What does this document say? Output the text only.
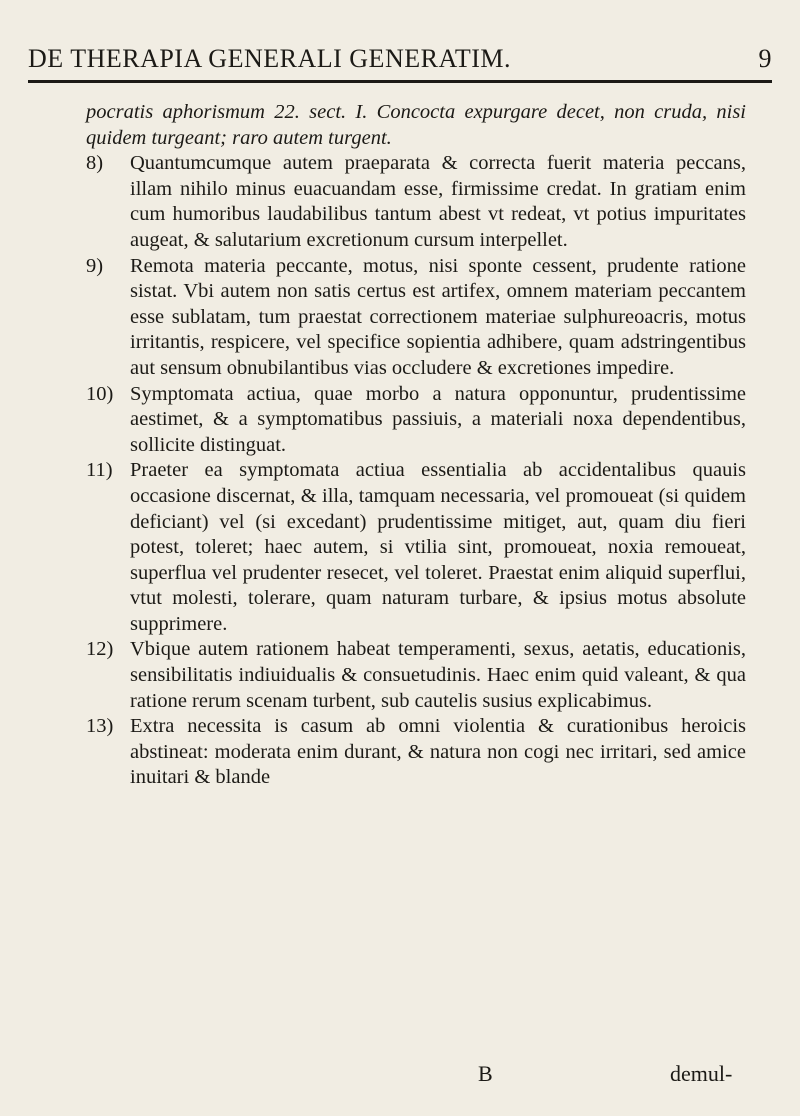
DE THERAPIA GENERALI GENERATIM.	9

pocratis aphorismum 22. sect. I. Concocta expurgare decet, non cruda, nisi quidem turgeant; raro autem turgent.

8) Quantumcumque autem praeparata & correcta fuerit materia peccans, illam nihilo minus euacuandam esse, firmissime credat. In gratiam enim cum humoribus laudabilibus tantum abest vt redeat, vt potius impuritates augeat, & salutarium excretionum cursum interpellet.

9) Remota materia peccante, motus, nisi sponte cessent, prudente ratione sistat. Vbi autem non satis certus est artifex, omnem materiam peccantem esse sublatam, tum praestat correctionem materiae sulphureoacris, motus irritantis, respicere, vel specifice sopientia adhibere, quam adstringentibus aut sensum obnubilantibus vias occludere & excretiones impedire.

10) Symptomata actiua, quae morbo a natura opponuntur, prudentissime aestimet, & a symptomatibus passiuis, a materiali noxa dependentibus, sollicite distinguat.

11) Praeter ea symptomata actiua essentialia ab accidentalibus quauis occasione discernat, & illa, tamquam necessaria, vel promoueat (si quidem deficiant) vel (si excedant) prudentissime mitiget, aut, quam diu fieri potest, toleret; haec autem, si vtilia sint, promoueat, noxia remoueat, superflua vel prudenter resecet, vel toleret. Praestat enim aliquid superflui, vtut molesti, tolerare, quam naturam turbare, & ipsius motus absolute supprimere.

12) Vbique autem rationem habeat temperamenti, sexus, aetatis, educationis, sensibilitatis indiuidualis & consuetudinis. Haec enim quid valeant, & qua ratione rerum scenam turbent, sub cautelis susius explicabimus.

13) Extra necessita is casum ab omni violentia & curationibus heroicis abstineat: moderata enim durant, & natura non cogi nec irritari, sed amice inuitari & blande

B	demul-
